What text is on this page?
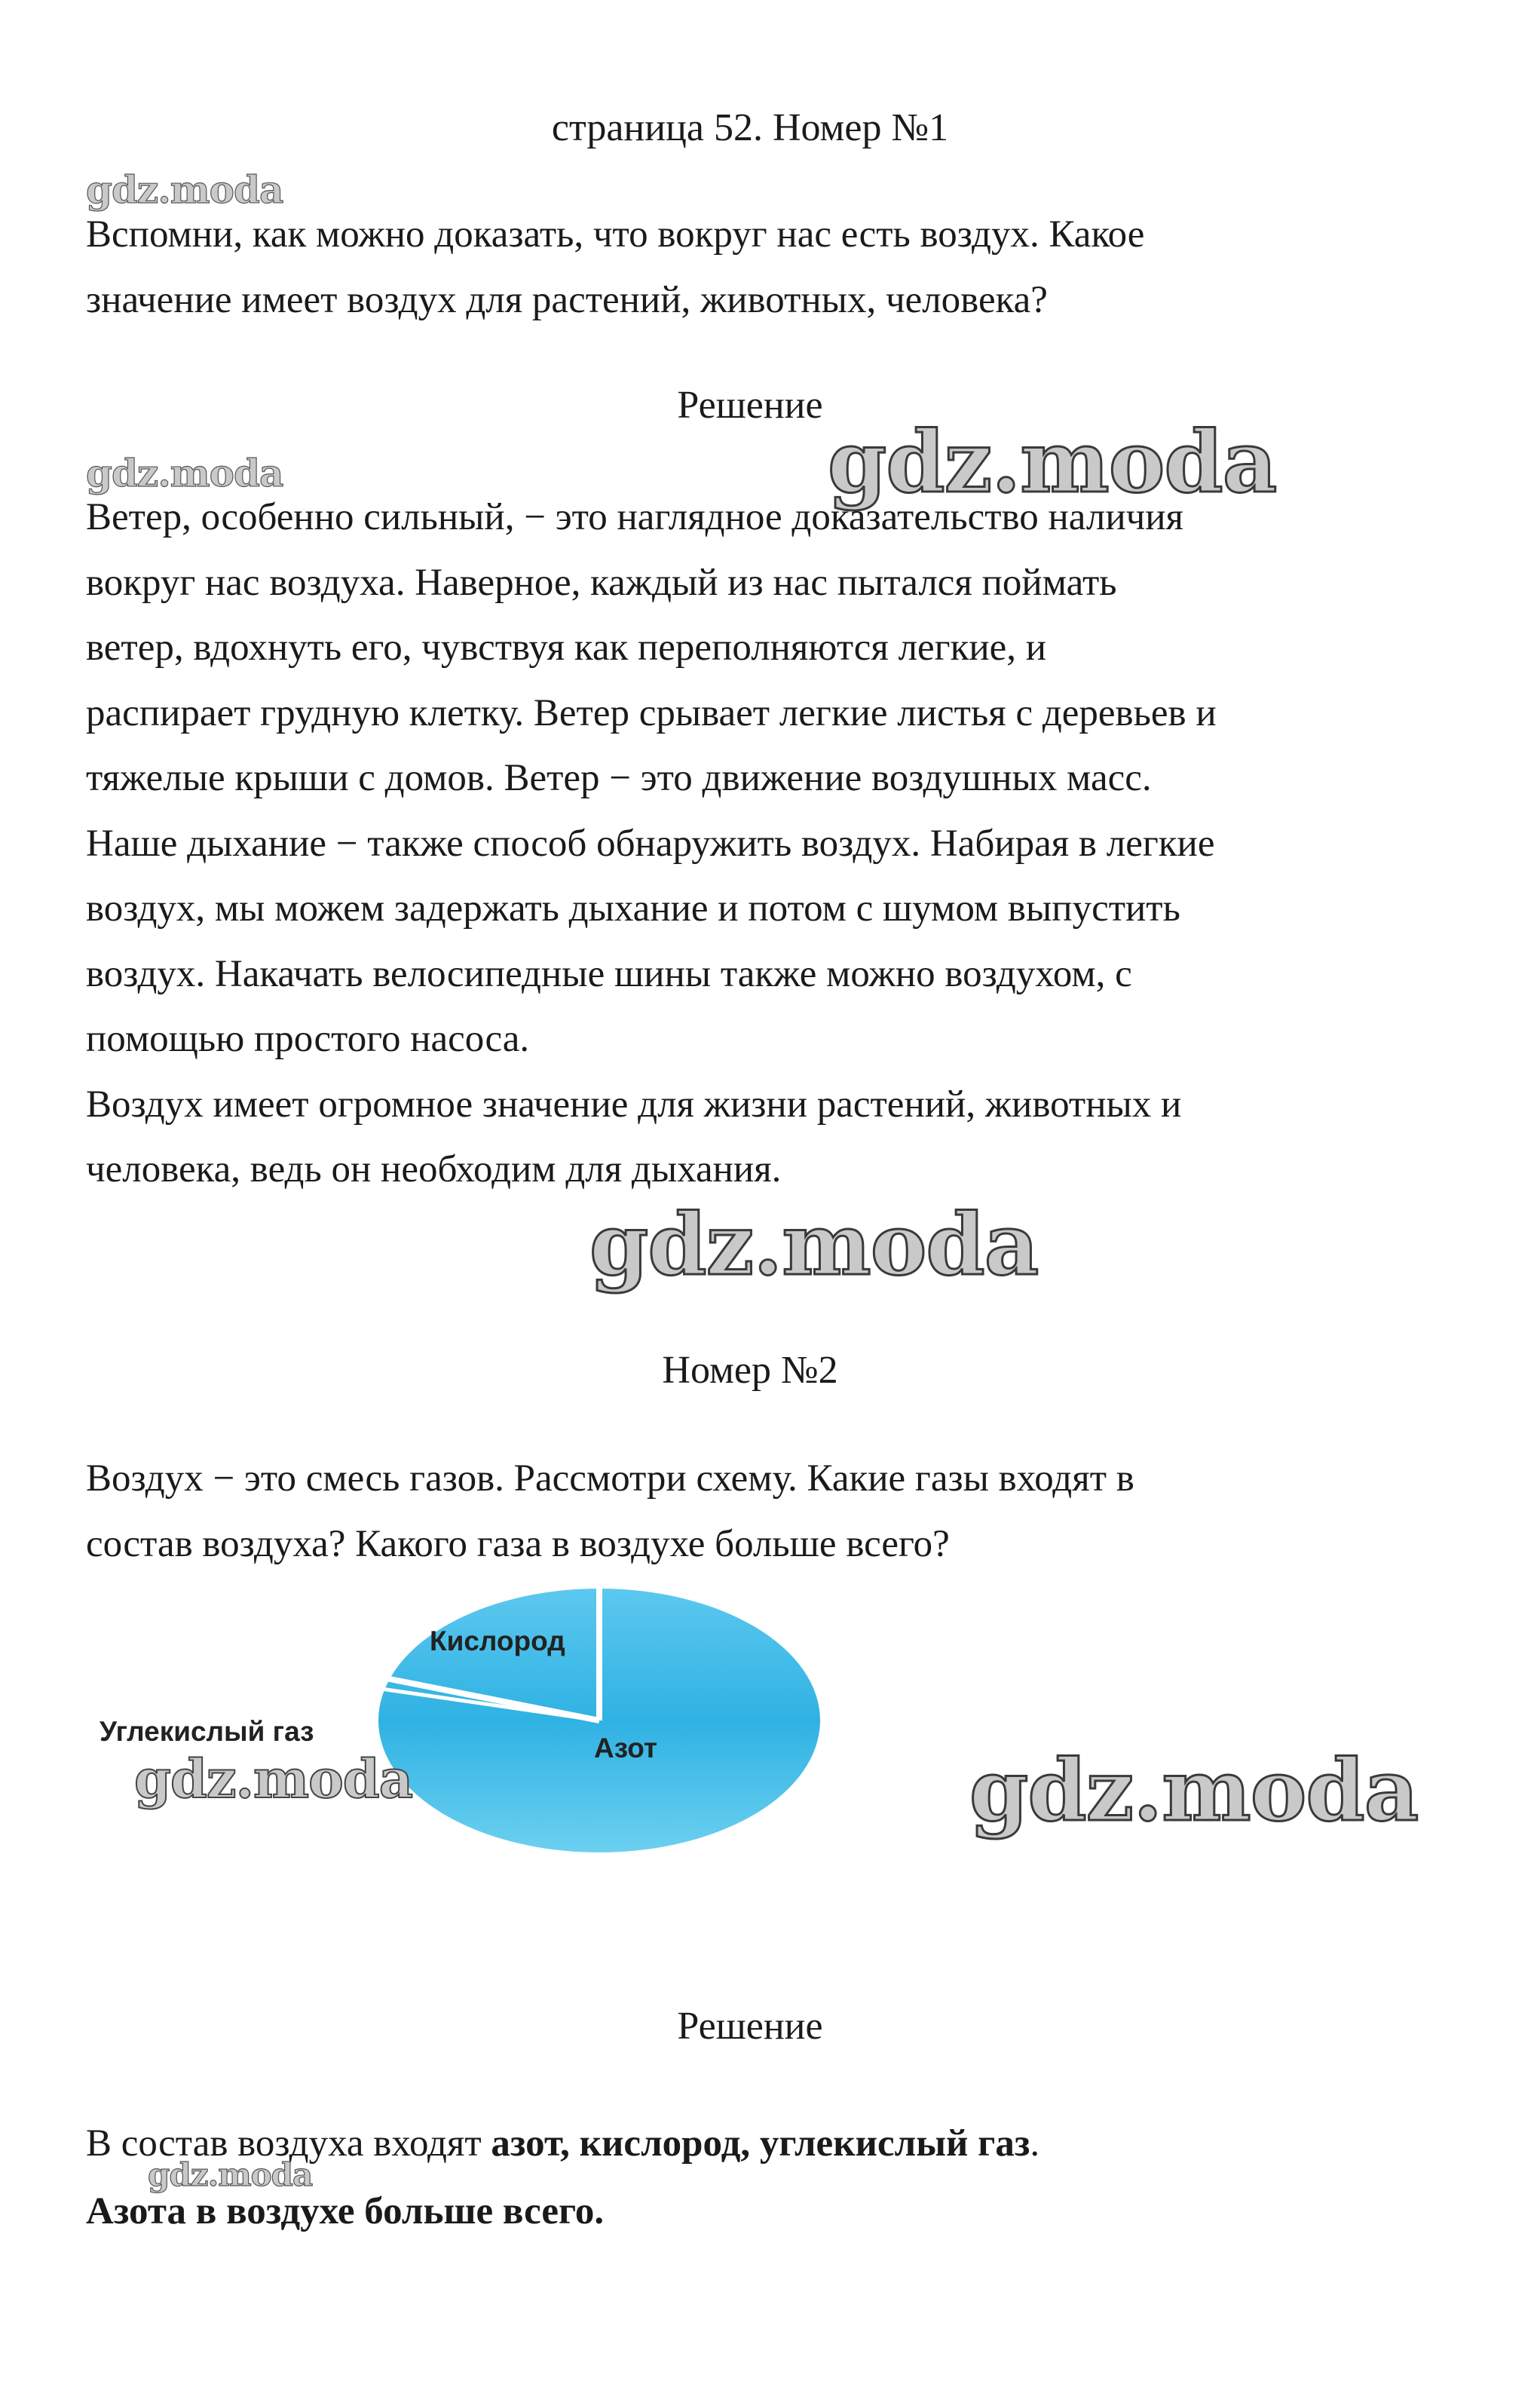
страница 52. Номер №1
gdz.moda

Вспомни, как можно доказать, что вокруг нас есть воздух. Какое

значение имеет воздух для растений, животных, человека?

Решение
gdz.moda	gdz.moda

Ветер, особенно сильный, − это наглядное доказательство наличия

вокруг нас воздуха. Наверное, каждый из нас пытался поймать

ветер, вдохнуть его, чувствуя как переполняются легкие, и

распирает грудную клетку. Ветер срывает легкие листья с деревьев и

тяжелые крыши с домов. Ветер − это движение воздушных масс.

Наше дыхание − также способ обнаружить воздух. Набирая в легкие

воздух, мы можем задержать дыхание и потом с шумом выпустить

воздух. Накачать велосипедные шины также можно воздухом, с

помощью простого насоса.

Воздух имеет огромное значение для жизни растений, животных и

человека, ведь он необходим для дыхания.

gdz.moda
Номер №2

Воздух − это смесь газов. Рассмотри схему. Какие газы входят в

состав воздуха? Какого газа в воздухе больше всего?

Кислород
Углекислый газ
Азот
gdz.moda	gdz.moda
Решение

В состав воздуха входят азот, кислород, углекислый газ.

Азота в воздухе больше всего.

gdz.moda
